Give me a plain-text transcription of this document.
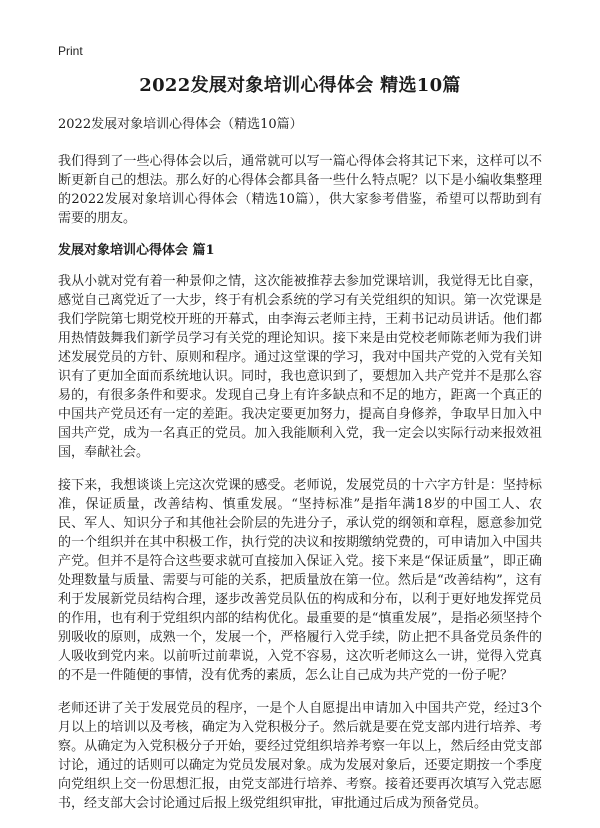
Print
2022发展对象培训心得体会 精选10篇

2022发展对象培训心得体会（精选10篇）

我们得到了一些心得体会以后，通常就可以写一篇心得体会将其记下来，这样可以不断更新自己的想法。那么好的心得体会都具备一些什么特点呢？以下是小编收集整理的2022发展对象培训心得体会（精选10篇），供大家参考借鉴，希望可以帮助到有需要的朋友。

发展对象培训心得体会 篇1

我从小就对党有着一种景仰之情，这次能被推荐去参加党课培训，我觉得无比自豪，感觉自己离党近了一大步，终于有机会系统的学习有关党组织的知识。第一次党课是我们学院第七期党校开班的开幕式，由李海云老师主持，王莉书记动员讲话。他们都用热情鼓舞我们新学员学习有关党的理论知识。接下来是由党校老师陈老师为我们讲述发展党员的方针、原则和程序。通过这堂课的学习，我对中国共产党的入党有关知识有了更加全面而系统地认识。同时，我也意识到了，要想加入共产党并不是那么容易的，有很多条件和要求。发现自己身上有许多缺点和不足的地方，距离一个真正的中国共产党员还有一定的差距。我决定要更加努力，提高自身修养，争取早日加入中国共产党，成为一名真正的党员。加入我能顺利入党，我一定会以实际行动来报效祖国，奉献社会。

接下来，我想谈谈上完这次党课的感受。老师说，发展党员的十六字方针是：坚持标准，保证质量，改善结构、慎重发展。“坚持标准”是指年满18岁的中国工人、农民、军人、知识分子和其他社会阶层的先进分子，承认党的纲领和章程，愿意参加党的一个组织并在其中积极工作，执行党的决议和按期缴纳党费的，可申请加入中国共产党。但并不是符合这些要求就可直接加入保证入党。接下来是“保证质量”，即正确处理数量与质量、需要与可能的关系，把质量放在第一位。然后是“改善结构”，这有利于发展新党员结构合理，逐步改善党员队伍的构成和分布，以利于更好地发挥党员的作用，也有利于党组织内部的结构优化。最重要的是“慎重发展”，是指必须坚持个别吸收的原则，成熟一个，发展一个，严格履行入党手续，防止把不具备党员条件的人吸收到党内来。以前听过前辈说，入党不容易，这次听老师这么一讲，觉得入党真的不是一件随便的事情，没有优秀的素质，怎么让自己成为共产党的一份子呢？

老师还讲了关于发展党员的程序，一是个人自愿提出申请加入中国共产党，经过3个月以上的培训以及考核，确定为入党积极分子。然后就是要在党支部内进行培养、考察。从确定为入党积极分子开始，要经过党组织培养考察一年以上，然后经由党支部讨论，通过的话则可以确定为党员发展对象。成为发展对象后，还要定期按一个季度向党组织上交一份思想汇报，由党支部进行培养、考察。接着还要再次填写入党志愿书，经支部大会讨论通过后报上级党组织审批，审批通过后成为预备党员。
